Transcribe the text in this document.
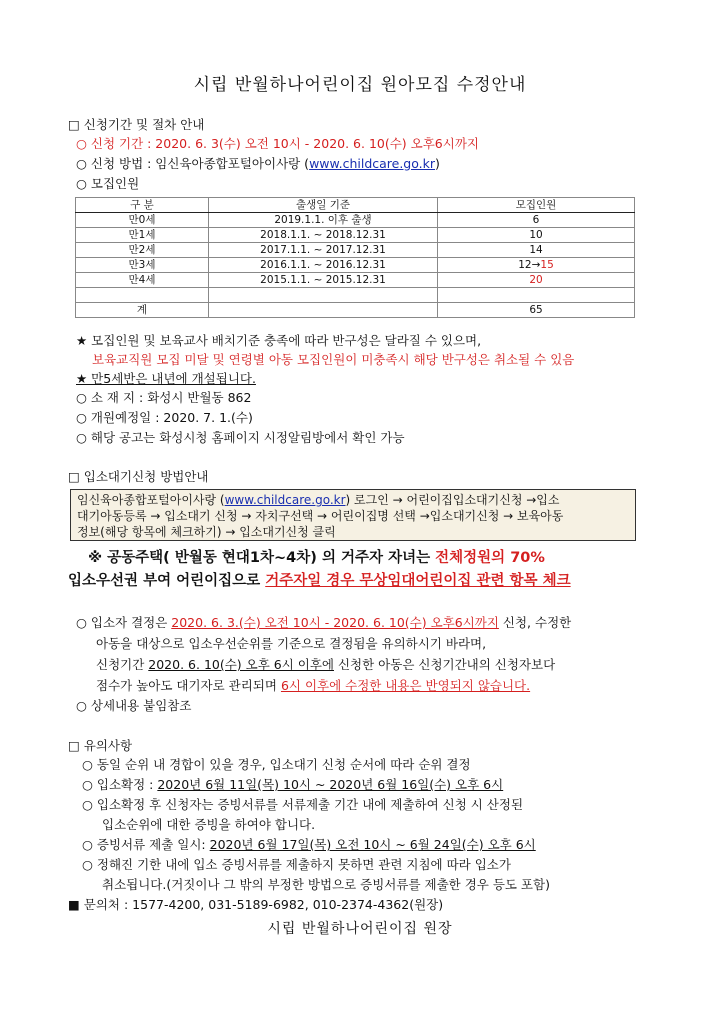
시립 반월하나어린이집 원아모집 수정안내
□ 신청기간 및 절차 안내
○ 신청 기간 : 2020. 6. 3(수) 오전 10시 - 2020. 6. 10(수) 오후6시까지
○ 신청 방법 : 임신육아종합포털아이사랑 (www.childcare.go.kr)
○ 모집인원
구 분	출생일 기준	모집인원
만0세	2019.1.1. 이후 출생	6
만1세	2018.1.1. ~ 2018.12.31	10
만2세	2017.1.1. ~ 2017.12.31	14
만3세	2016.1.1. ~ 2016.12.31	12→15
만4세	2015.1.1. ~ 2015.12.31	20

계		65
★ 모집인원 및 보육교사 배치기준 충족에 따라 반구성은 달라질 수 있으며,
보육교직원 모집 미달 및 연령별 아동 모집인원이 미충족시 해당 반구성은 취소될 수 있음
★ 만5세반은 내년에 개설됩니다.
○ 소 재 지 : 화성시 반월동 862
○ 개원예정일 : 2020. 7. 1.(수)
○ 해당 공고는 화성시청 홈페이지 시정알림방에서 확인 가능
□ 입소대기신청 방법안내
임신육아종합포털아이사랑 (www.childcare.go.kr) 로그인 → 어린이집입소대기신청 →입소
대기아동등록 → 입소대기 신청 → 자치구선택 → 어린이집명 선택 →입소대기신청 → 보육아동
정보(해당 항목에 체크하기) → 입소대기신청 클릭
※ 공동주택( 반월동 현대1차~4차) 의 거주자 자녀는 전체정원의 70%
입소우선권 부여 어린이집으로 거주자일 경우 무상임대어린이집 관련 항목 체크
○ 입소자 결정은 2020. 6. 3.(수) 오전 10시 - 2020. 6. 10(수) 오후6시까지 신청, 수정한
아동을 대상으로 입소우선순위를 기준으로 결정됨을 유의하시기 바라며,
신청기간 2020. 6. 10(수) 오후 6시 이후에 신청한 아동은 신청기간내의 신청자보다
점수가 높아도 대기자로 관리되며 6시 이후에 수정한 내용은 반영되지 않습니다.
○ 상세내용 붙임참조
□ 유의사항
○ 동일 순위 내 경합이 있을 경우, 입소대기 신청 순서에 따라 순위 결정
○ 입소확정 : 2020년 6월 11일(목) 10시 ~ 2020년 6월 16일(수) 오후 6시
○ 입소확정 후 신청자는 증빙서류를 서류제출 기간 내에 제출하여 신청 시 산정된
입소순위에 대한 증빙을 하여야 합니다.
○ 증빙서류 제출 일시: 2020년 6월 17일(목) 오전 10시 ~ 6월 24일(수) 오후 6시
○ 정해진 기한 내에 입소 증빙서류를 제출하지 못하면 관련 지침에 따라 입소가
취소됩니다.(거짓이나 그 밖의 부정한 방법으로 증빙서류를 제출한 경우 등도 포함)
■ 문의처 : 1577-4200, 031-5189-6982, 010-2374-4362(원장)
시립 반월하나어린이집 원장
